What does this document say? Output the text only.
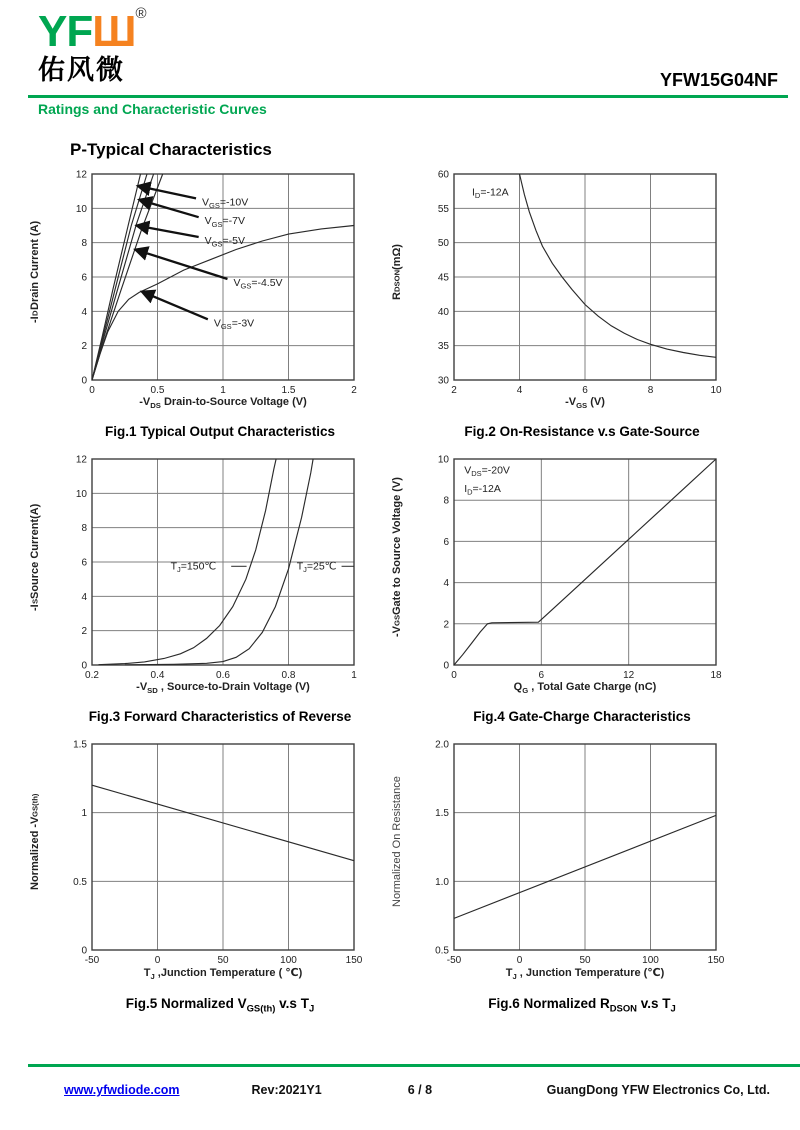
YFШ®
佑风微	YFW15G04NF
Ratings and Characteristic Curves
P-Typical Characteristics
-I
D
Drain Current (A)
0	0.5	1	1.5	2
0
2
4
6
8
10
12
$V_{GS}=-10V$
$V_{GS}=-7V$
$V_{GS}=-5V$
$V_{GS}=-4.5V$
$V_{GS}=-3V$
$-V_{DS}$ Drain-to-Source Voltage (V)
Fig.1 Typical Output Characteristics
R
DSON
(mΩ)
2	4	6	8	10
30
35
40
45
50
55
60
$I_D=-12A$
$-V_{GS}$ (V)
Fig.2 On-Resistance v.s Gate-Source
-I
S
Source Current(A)
0.2	0.4	0.6	0.8	1
0
2
4
6
8
10
12
$T_J=150℃$	$T_J=25℃$
$-V_{SD}$ , Source-to-Drain Voltage (V)
Fig.3 Forward Characteristics of Reverse
-V
GS
Gate to Source Voltage (V)
0	6	12	18
0
2
4
6
8
10
$V_{DS}=-20V$
$I_D=-12A$
$Q_G$ , Total Gate Charge (nC)
Fig.4 Gate-Charge Characteristics
Normalized -V
GS(th)
-50	0	50	100	150
0
0.5
1
1.5
$T_J$ ,Junction Temperature ( ℃)
Fig.5 Normalized $V_{GS(th)}$ v.s $T_J$
Normalized On Resistance
-50	0	50	100	150
0.5
1.0
1.5
2.0
$T_J$ , Junction Temperature (℃)
Fig.6 Normalized $R_{DSON}$ v.s $T_J$
www.yfwdiode.com	Rev:2021Y1	6 / 8	GuangDong YFW Electronics Co, Ltd.
